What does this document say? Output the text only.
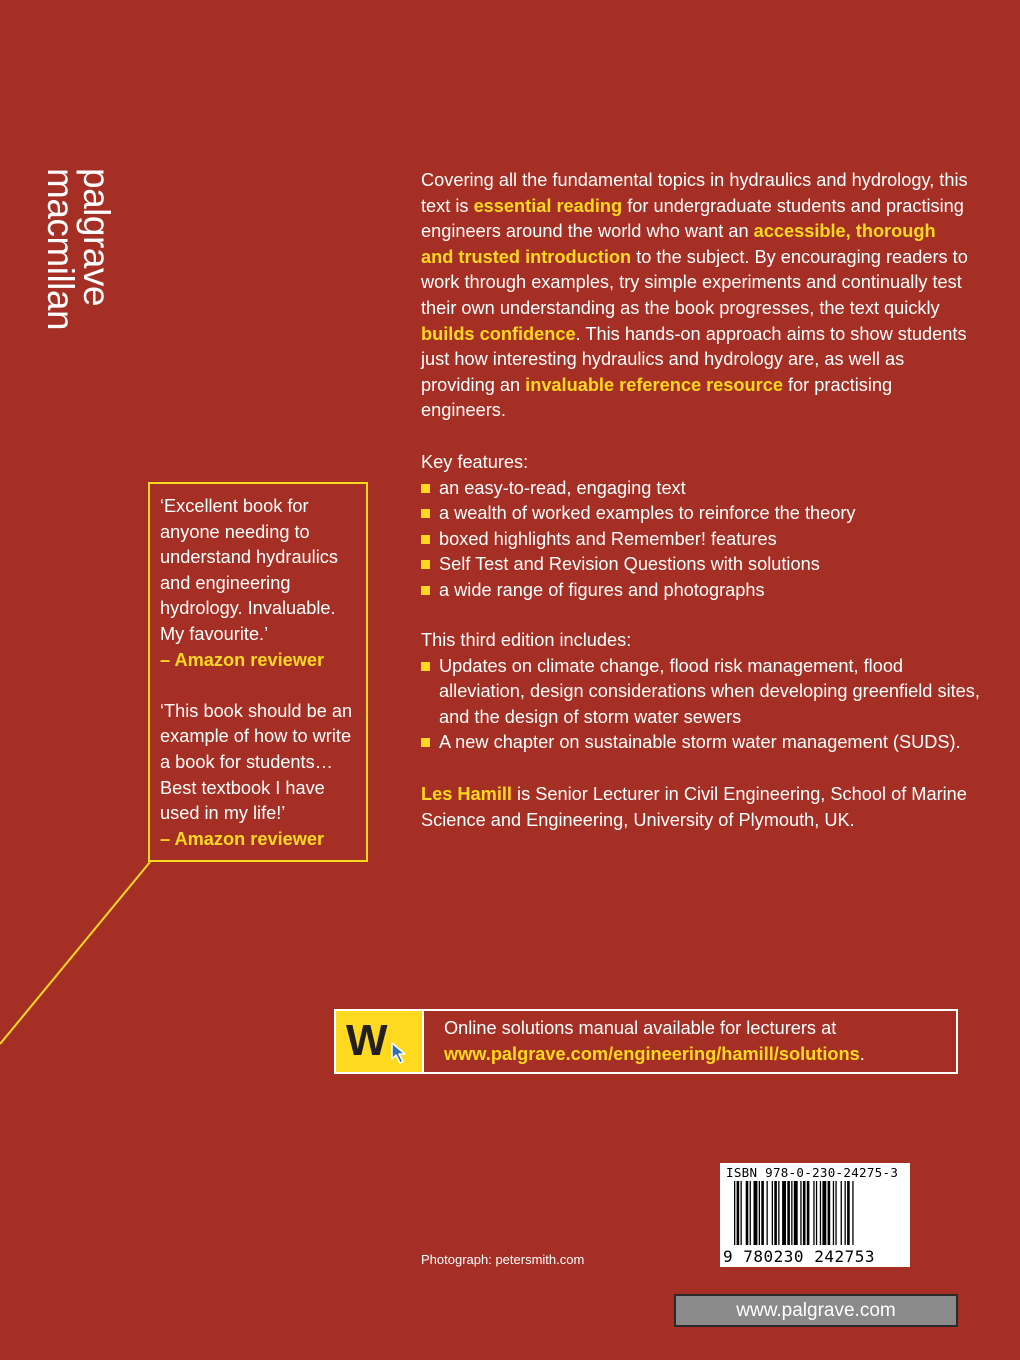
palgrave
macmillan	Covering all the fundamental topics in hydraulics and hydrology, this text is essential reading for undergraduate students and practising engineers around the world who want an accessible, thorough and trusted introduction to the subject. By encouraging readers to work through examples, try simple experiments and continually test their own understanding as the book progresses, the text quickly builds confidence. This hands-on approach aims to show students just how interesting hydraulics and hydrology are, as well as providing an invaluable reference resource for practising engineers.

Key features:

an easy-to-read, engaging text
a wealth of worked examples to reinforce the theory
boxed highlights and Remember! features
Self Test and Revision Questions with solutions
a wide range of figures and photographs

This third edition includes:

Updates on climate change, flood risk management, flood alleviation, design considerations when developing greenfield sites, and the design of storm water sewers
A new chapter on sustainable storm water management (SUDS).

Les Hamill is Senior Lecturer in Civil Engineering, School of Marine Science and Engineering, University of Plymouth, UK.

‘Excellent book for anyone needing to understand hydraulics and engineering hydrology. Invaluable. My favourite.’

– Amazon reviewer

‘This book should be an example of how to write a book for students… Best textbook I have used in my life!’

– Amazon reviewer

W	Online solutions manual available for lecturers at
www.palgrave.com/engineering/hamill/solutions.
ISBN 978-0-230-24275-3
9 780230 242753
Photograph: petersmith.com
www.palgrave.com
